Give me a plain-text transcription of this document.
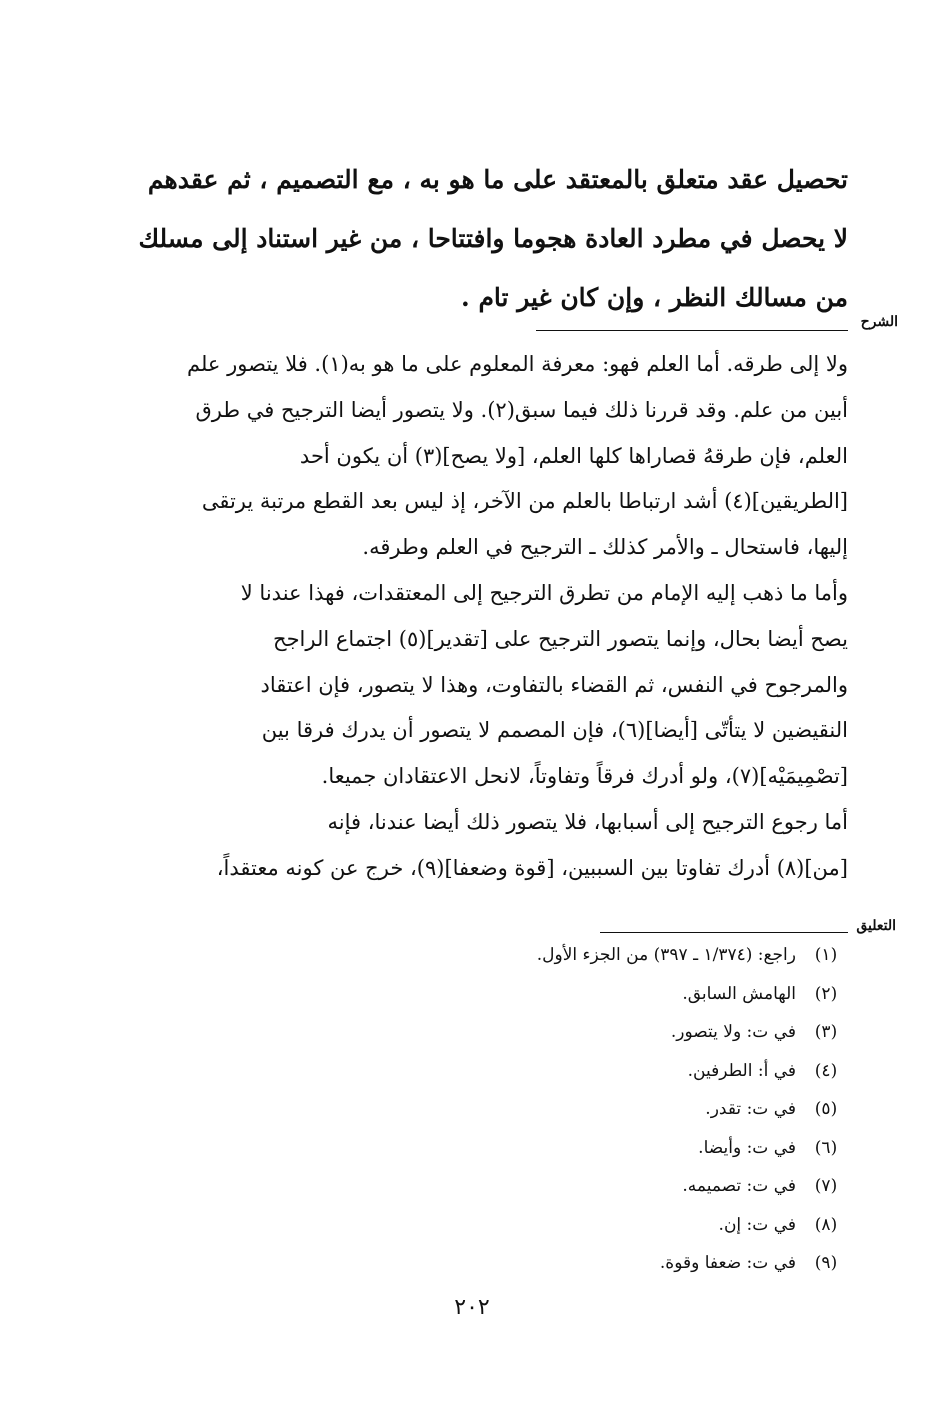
تحصيل عقد متعلق بالمعتقد على ما هو به ، مع التصميم ، ثم عقدهم
لا يحصل في مطرد العادة هجوما وافتتاحا ، من غير استناد إلى مسلك
من مسالك النظر ، وإن كان غير تام .
الشرح
ولا إلى طرقه. أما العلم فهو: معرفة المعلوم على ما هو به(١). فلا يتصور علم
أبين من علم. وقد قررنا ذلك فيما سبق(٢). ولا يتصور أيضا الترجيح في طرق
العلم، فإن طرقهُ قصاراها كلها العلم، [ولا يصح](٣) أن يكون أحد
[الطريقين](٤) أشد ارتباطا بالعلم من الآخر، إذ ليس بعد القطع مرتبة يرتقى
إليها، فاستحال ـ والأمر كذلك ـ الترجيح في العلم وطرقه.
وأما ما ذهب إليه الإمام من تطرق الترجيح إلى المعتقدات، فهذا عندنا لا
يصح أيضا بحال، وإنما يتصور الترجيح على [تقدير](٥) اجتماع الراجح
والمرجوح في النفس، ثم القضاء بالتفاوت، وهذا لا يتصور، فإن اعتقاد
النقيضين لا يتأتّى [أيضا](٦)، فإن المصمم لا يتصور أن يدرك فرقا بين
[تصْمِيمَيْه](٧)، ولو أدرك فرقاً وتفاوتاً، لانحل الاعتقادان جميعا.
أما رجوع الترجيح إلى أسبابها، فلا يتصور ذلك أيضا عندنا، فإنه
[من](٨) أدرك تفاوتا بين السببين، [قوة وضعفا](٩)، خرج عن كونه معتقداً،
التعليق
(١)
راجع: (١/٣٧٤ ـ ٣٩٧) من الجزء الأول.
(٢)
الهامش السابق.
(٣)
في ت: ولا يتصور.
(٤)
في أ: الطرفين.
(٥)
في ت: تقدر.
(٦)
في ت: وأيضا.
(٧)
في ت: تصميمه.
(٨)
في ت: إن.
(٩)
في ت: ضعفا وقوة.
٢٠٢
